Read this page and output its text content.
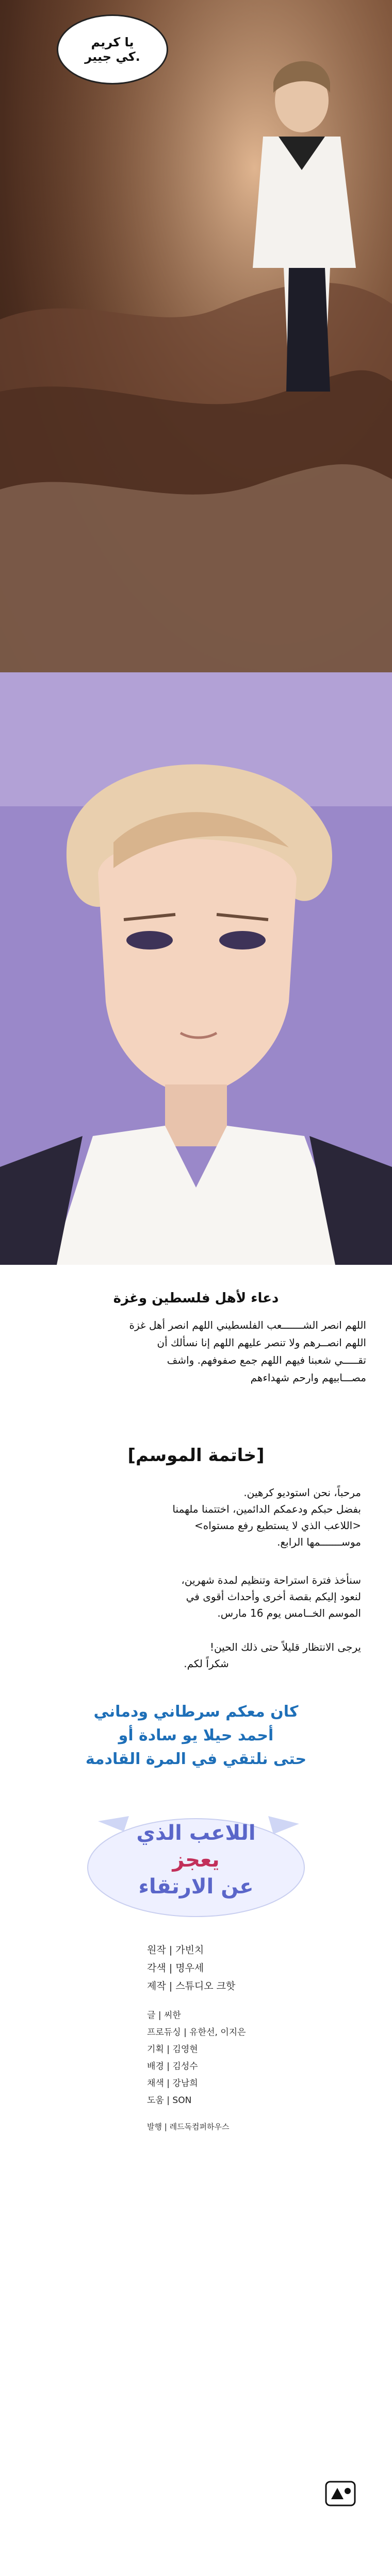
يا كريم
كي جيير.
دعاء لأهل فلسطين وغزة
اللهم انصر الشـــــــعب الفلسطيني اللهم انصر أهل غزة اللهم انصــرهم ولا تنصر عليهم اللهم إنا نسألك أن تقـــــي شعبنا فيهم اللهم جمع صفوفهم. واشف مصـــابيهم وارحم شهداءهم
[خاتمة الموسم]
مرحباً، نحن استوديو كرهين.
بفضل حبكم ودعمكم الدائمين، اختتمنا ملهمنا
<اللاعب الذي لا يستطيع رفع مستواه>
موســـــــمها الرابع.
سنأخذ فترة استراحة وتنظيم لمدة شهرين،
لنعود إليكم بقصة أخرى وأحداث أقوى في
الموسم الخــامس يوم 16 مارس.
يرجى الانتظار قليلاً حتى ذلك الحين!
شكراً لكم.
كان معكم سرطاني ودماني
أحمد حيلا يو سادة أو
حتى نلتقي في المرة القادمة
اللاعب الذي
يعجز
عن الارتقاء
원작 | 가빈치
각색 | 명우세
제작 | 스튜디오 크핫
글 | 씨한
프로듀싱 | 유한선, 이지은
기획 | 김영현
배경 | 김성수
채색 | 강남희
도움 | SON
발행 | 레드독컴퍼하우스
